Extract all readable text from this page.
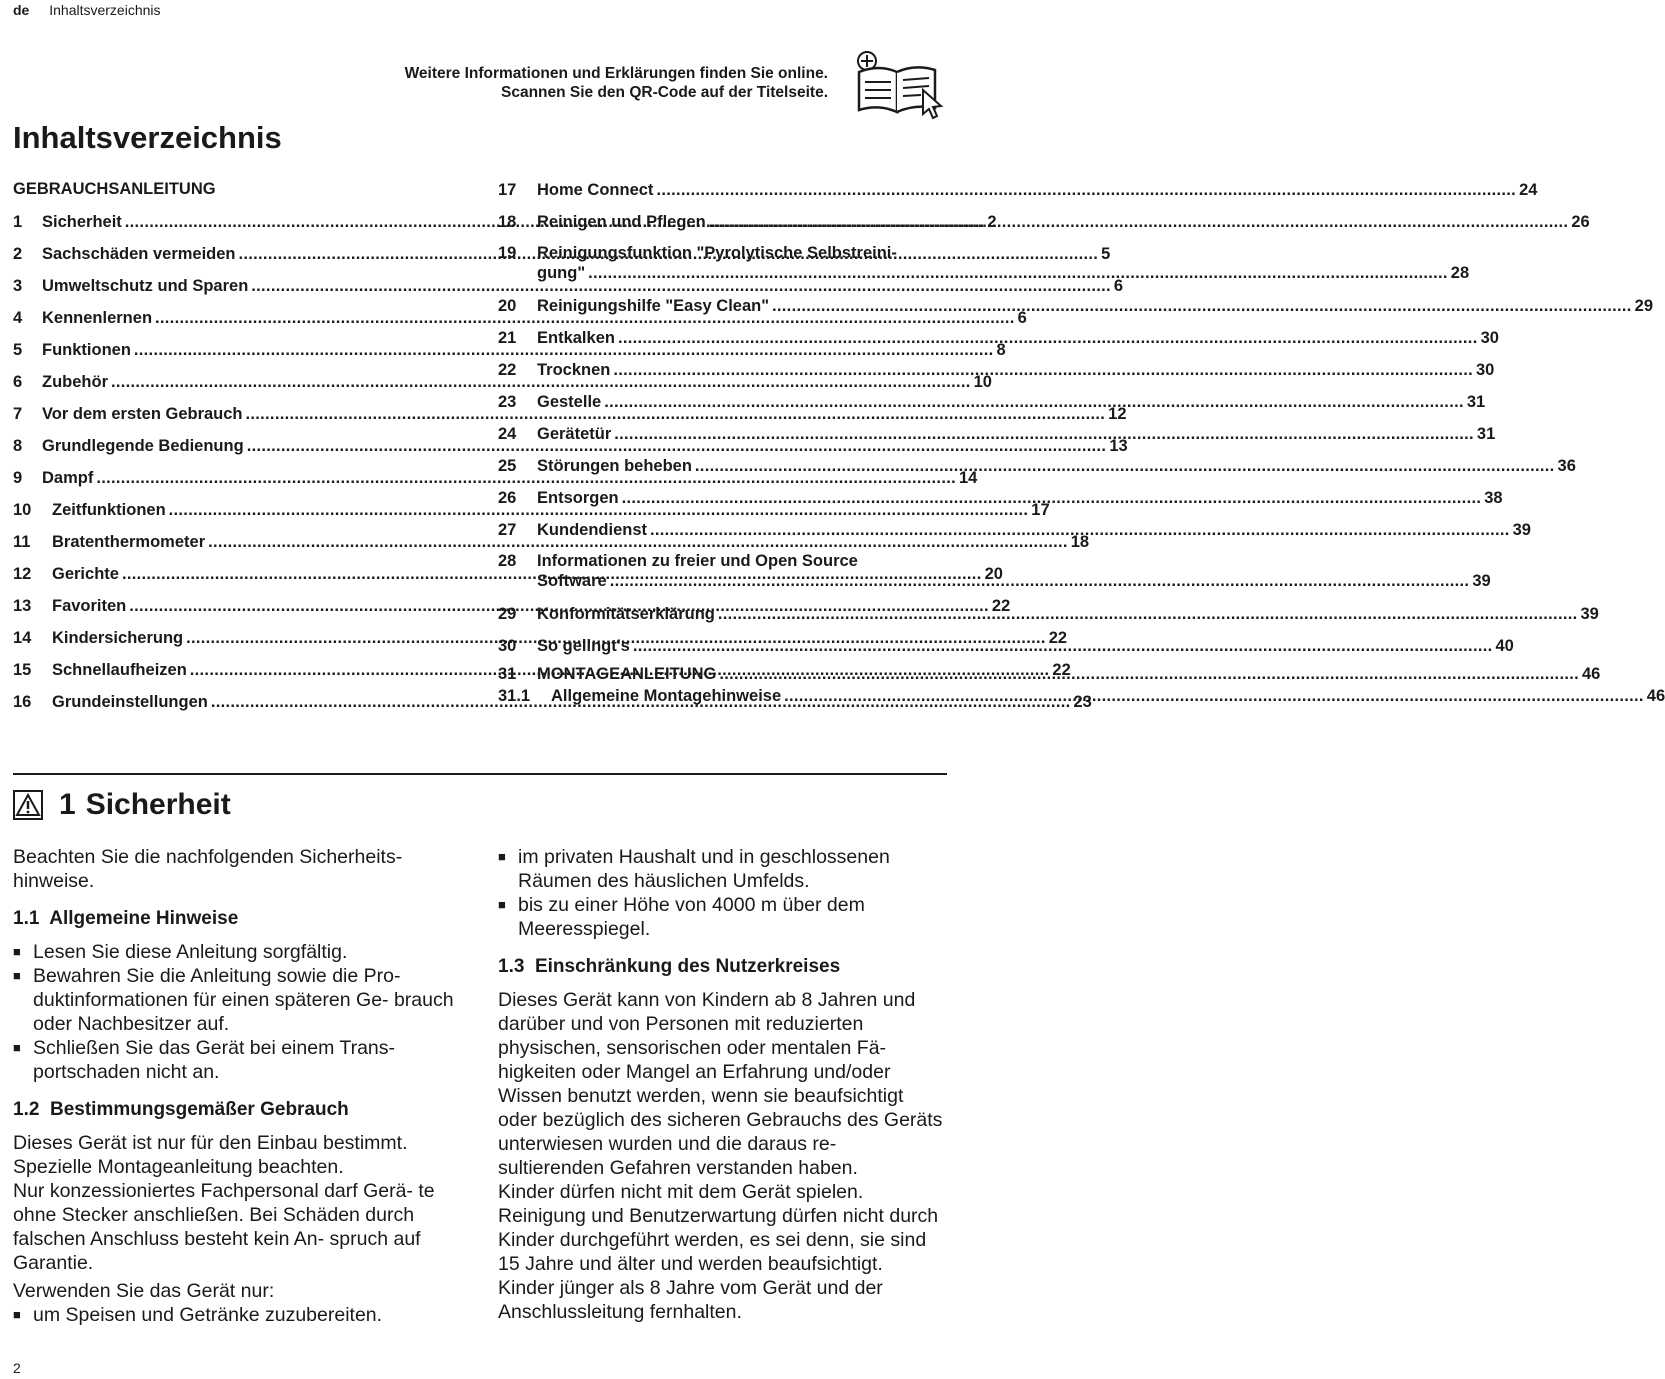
de Inhaltsverzeichnis
Weitere Informationen und Erklärungen finden Sie online.
Scannen Sie den QR-Code auf der Titelseite.
Inhaltsverzeichnis
GEBRAUCHSANLEITUNG
1	Sicherheit .....	2
2	Sachschäden vermeiden .....	5
3	Umweltschutz und Sparen .....	6
4	Kennenlernen .....	6
5	Funktionen .....	8
6	Zubehör .....	10
7	Vor dem ersten Gebrauch .....	12
8	Grundlegende Bedienung .....	13
9	Dampf .....	14
10	Zeitfunktionen .....	17
11	Bratenthermometer .....	18
12	Gerichte .....	20
13	Favoriten .....	22
14	Kindersicherung .....	22
15	Schnellaufheizen .....	22
16	Grundeinstellungen .....	23
17	Home Connect .....	24
18	Reinigen und Pflegen .....	26
19	Reinigungsfunktion "Pyrolytische Selbstreini-
gung" .....	28
20	Reinigungshilfe "Easy Clean" .....	29
21	Entkalken .....	30
22	Trocknen .....	30
23	Gestelle .....	31
24	Gerätetür .....	31
25	Störungen beheben .....	36
26	Entsorgen .....	38
27	Kundendienst .....	39
28	Informationen zu freier und Open Source
Software .....	39
29	Konformitätserklärung .....	39
30	So gelingt's .....	40
31	MONTAGEANLEITUNG .....	46
31.1	Allgemeine Montagehinweise .....	46
1 Sicherheit
Beachten Sie die nachfolgenden Sicherheits- hinweise.
1.1 Allgemeine Hinweise
■ Lesen Sie diese Anleitung sorgfältig.
■ Bewahren Sie die Anleitung sowie die Pro- duktinformationen für einen späteren Ge- brauch oder Nachbesitzer auf.
■ Schließen Sie das Gerät bei einem Trans- portschaden nicht an.
1.2 Bestimmungsgemäßer Gebrauch
Dieses Gerät ist nur für den Einbau bestimmt. Spezielle Montageanleitung beachten.
Nur konzessioniertes Fachpersonal darf Gerä- te ohne Stecker anschließen. Bei Schäden durch falschen Anschluss besteht kein An- spruch auf Garantie.
Verwenden Sie das Gerät nur:
■ um Speisen und Getränke zuzubereiten.
■ im privaten Haushalt und in geschlossenen Räumen des häuslichen Umfelds.
■ bis zu einer Höhe von 4000 m über dem Meeresspiegel.
1.3 Einschränkung des Nutzerkreises
Dieses Gerät kann von Kindern ab 8 Jahren und darüber und von Personen mit reduzierten physischen, sensorischen oder mentalen Fä- higkeiten oder Mangel an Erfahrung und/oder Wissen benutzt werden, wenn sie beaufsichtigt oder bezüglich des sicheren Gebrauchs des Geräts unterwiesen wurden und die daraus re- sultierenden Gefahren verstanden haben.
Kinder dürfen nicht mit dem Gerät spielen.
Reinigung und Benutzerwartung dürfen nicht durch Kinder durchgeführt werden, es sei denn, sie sind 15 Jahre und älter und werden beaufsichtigt.
Kinder jünger als 8 Jahre vom Gerät und der Anschlussleitung fernhalten.
2
